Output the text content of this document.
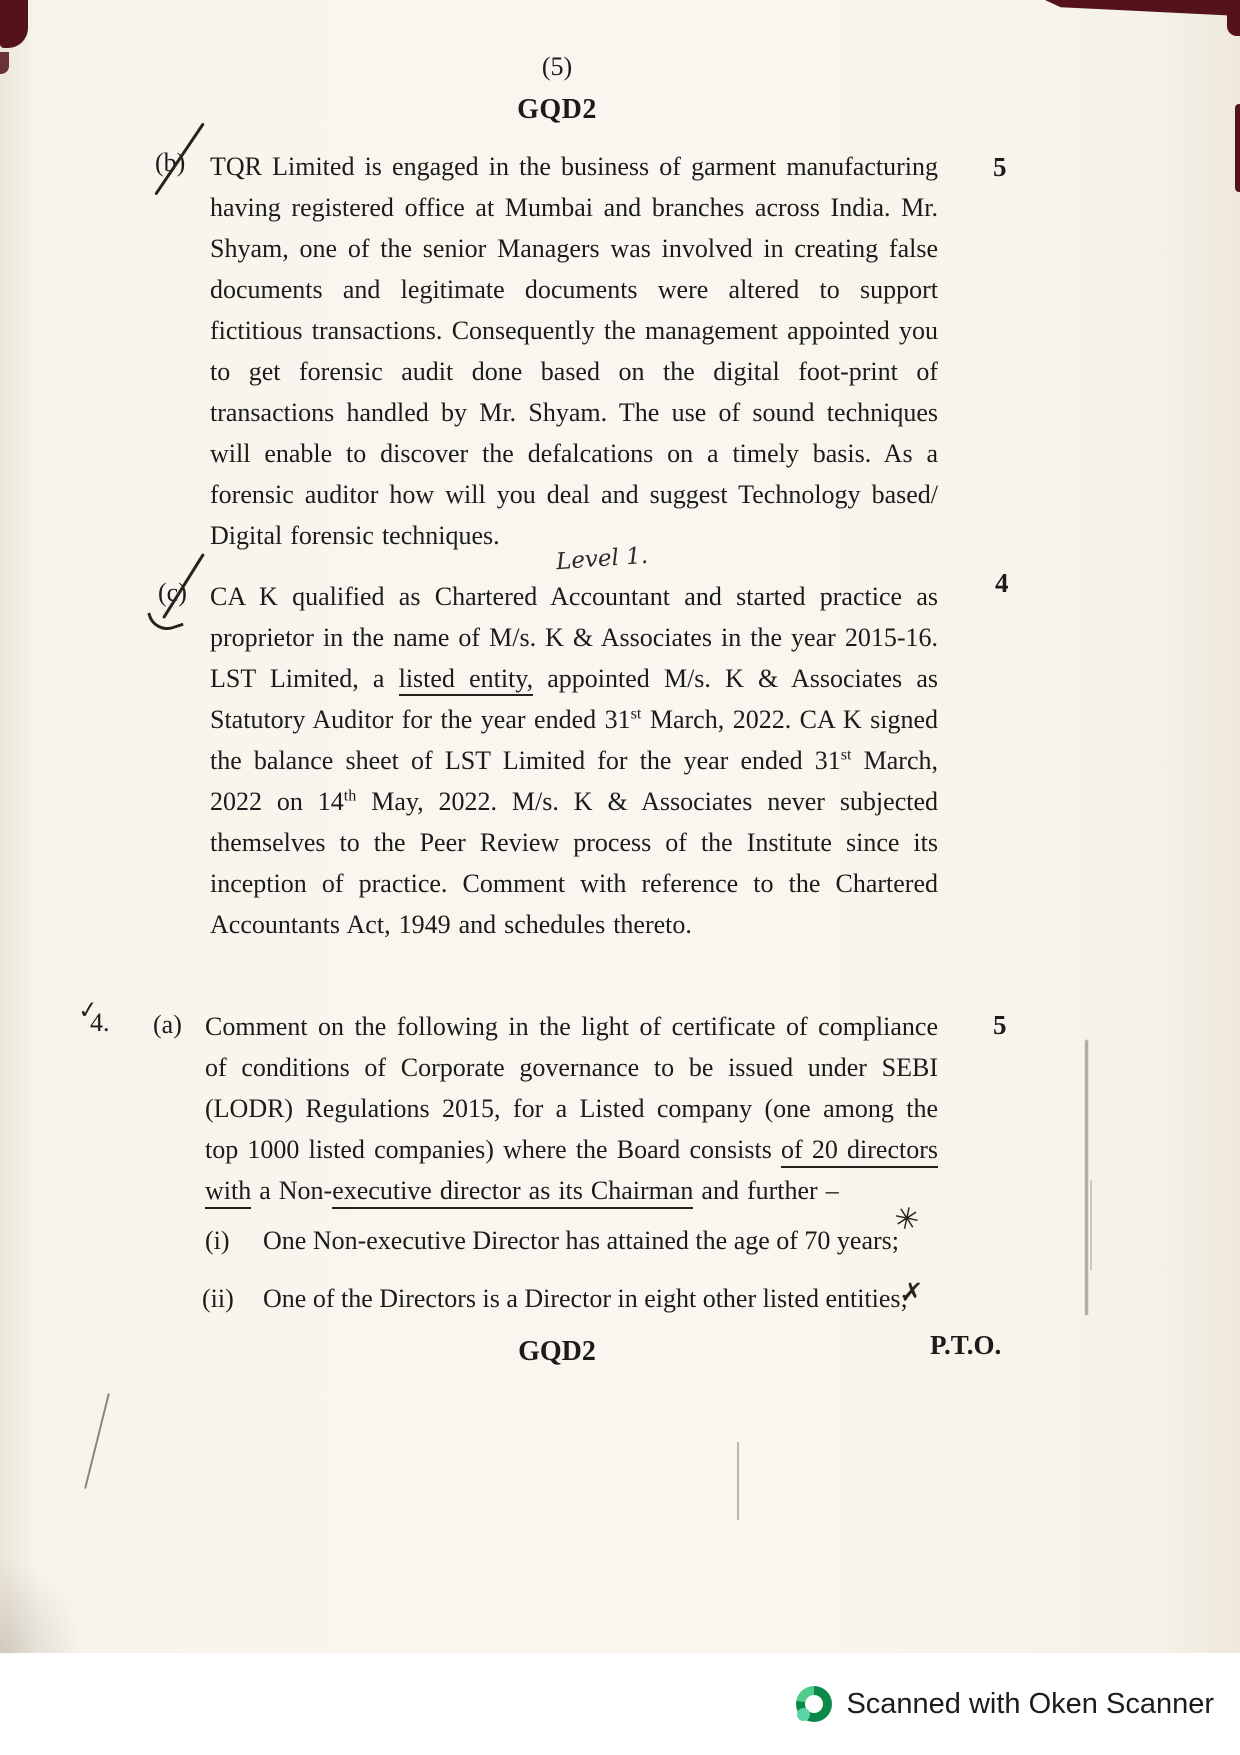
(5)
GQD2
(b) TQR Limited is engaged in the business of garment manufacturing having registered office at Mumbai and branches across India. Mr. Shyam, one of the senior Managers was involved in creating false documents and legitimate documents were altered to support fictitious transactions. Consequently the management appointed you to get forensic audit done based on the digital foot-print of transactions handled by Mr. Shyam. The use of sound techniques will enable to discover the defalcations on a timely basis. As a forensic auditor how will you deal and suggest Technology based/ Digital forensic techniques.
5
(c)
Level 1.
CA K qualified as Chartered Accountant and started practice as proprietor in the name of M/s. K & Associates in the year 2015-16. LST Limited, a listed entity, appointed M/s. K & Associates as Statutory Auditor for the year ended 31st March, 2022. CA K signed the balance sheet of LST Limited for the year ended 31st March, 2022 on 14th May, 2022. M/s. K & Associates never subjected themselves to the Peer Review process of the Institute since its inception of practice. Comment with reference to the Chartered Accountants Act, 1949 and schedules thereto.
4
✓
4. (a) Comment on the following in the light of certificate of compliance of conditions of Corporate governance to be issued under SEBI (LODR) Regulations 2015, for a Listed company (one among the top 1000 listed companies) where the Board consists of 20 directors with a Non-executive director as its Chairman and further –
5
(i) One Non-executive Director has attained the age of 70 years;
✳
(ii) One of the Directors is a Director in eight other listed entities;
✗
GQD2	P.T.O.
Scanned with Oken Scanner
